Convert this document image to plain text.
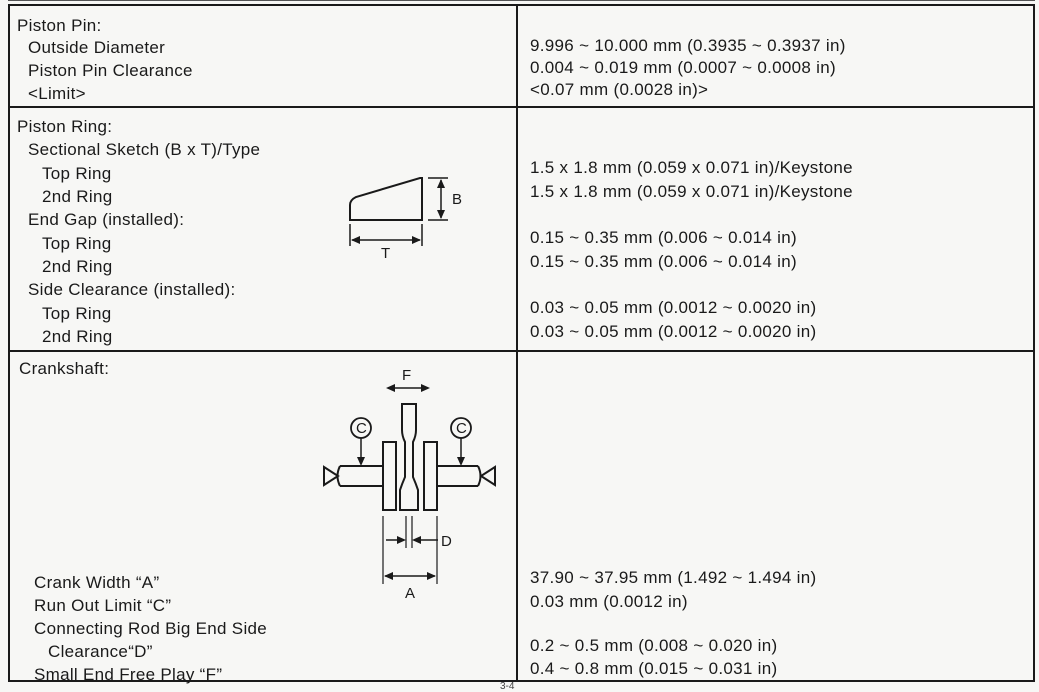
Piston Pin:
Outside Diameter
Piston Pin Clearance
<Limit>
9.996 ~ 10.000 mm (0.3935 ~ 0.3937 in)
0.004 ~ 0.019 mm (0.0007 ~ 0.0008 in)
<0.07 mm (0.0028 in)>
Piston Ring:
Sectional Sketch (B x T)/Type
Top Ring
2nd Ring
End Gap (installed):
Top Ring
2nd Ring
Side Clearance (installed):
Top Ring
2nd Ring
1.5 x 1.8 mm (0.059 x 0.071 in)/Keystone
1.5 x 1.8 mm (0.059 x 0.071 in)/Keystone
0.15 ~ 0.35 mm (0.006 ~ 0.014 in)
0.15 ~ 0.35 mm (0.006 ~ 0.014 in)
0.03 ~ 0.05 mm (0.0012 ~ 0.0020 in)
0.03 ~ 0.05 mm (0.0012 ~ 0.0020 in)
B
T
Crankshaft:
Crank Width “A”
Run Out Limit “C”
Connecting Rod Big End Side
Clearance“D”
Small End Free Play “F”
37.90 ~ 37.95 mm (1.492 ~ 1.494 in)
0.03 mm (0.0012 in)
0.2 ~ 0.5 mm (0.008 ~ 0.020 in)
0.4 ~ 0.8 mm (0.015 ~ 0.031 in)
F
C	C
D
A
3-4
